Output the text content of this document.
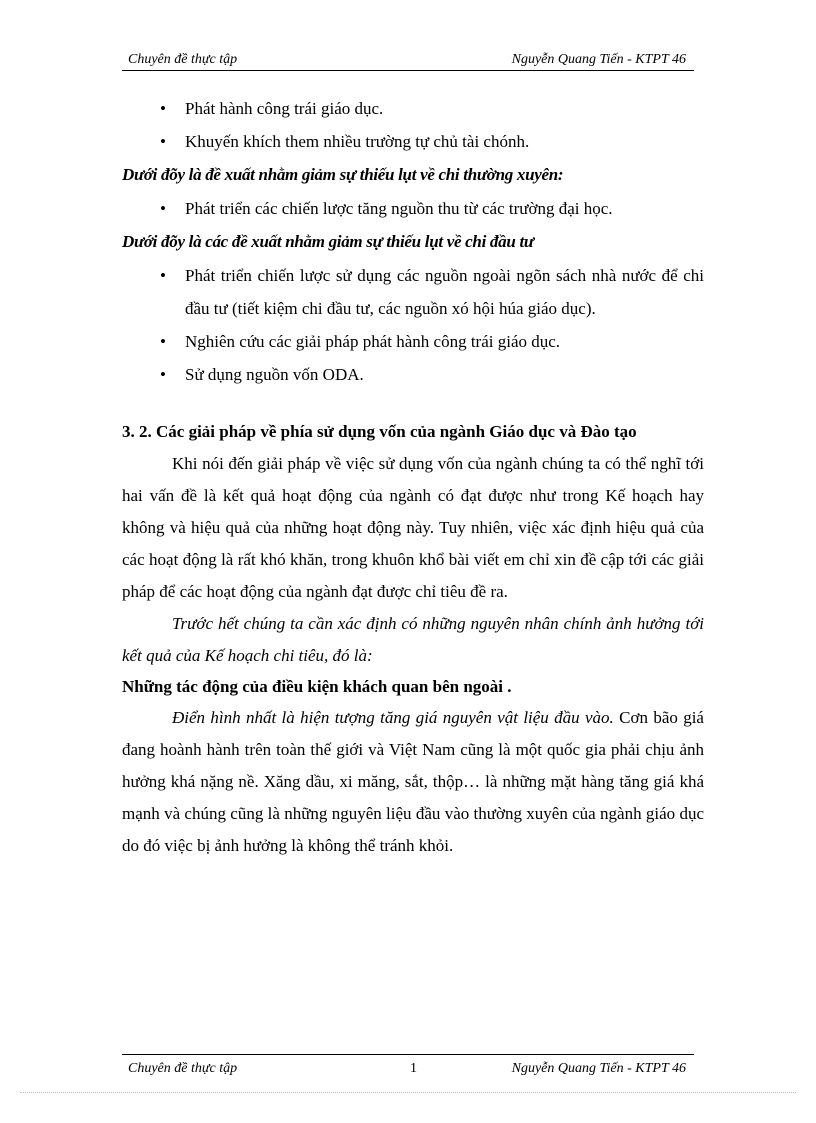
Chuyên đề thực tập	Nguyễn Quang Tiến - KTPT 46

• Phát hành công trái giáo dục.

• Khuyến khích them nhiều trường tự chủ tài chónh.

Dưới đõy là đề xuất nhằm giảm sự thiếu lụt về chi thường xuyên:

• Phát triển các chiến lược tăng nguồn thu từ các trường đại học.

Dưới đõy là các đề xuất nhằm giảm sự thiếu lụt về chi đầu tư

• Phát triển chiến lược sử dụng các nguồn ngoài ngõn sách nhà nước để chi đầu tư (tiết kiệm chi đầu tư, các nguồn xó hội húa giáo dục).

• Nghiên cứu các giải pháp phát hành công trái giáo dục.

• Sử dụng nguồn vốn ODA.

3. 2. Các giải pháp về phía sử dụng vốn của ngành Giáo dục và Đào tạo

Khi nói đến giải pháp về việc sử dụng vốn của ngành chúng ta có thể nghĩ tới hai vấn đề là kết quả hoạt động của ngành có đạt được như trong Kế hoạch hay không và hiệu quả của những hoạt động này. Tuy nhiên, việc xác định hiệu quả của các hoạt động là rất khó khăn, trong khuôn khổ bài viết em chỉ xin đề cập tới các giải pháp để các hoạt động của ngành đạt được chỉ tiêu đề ra.

Trước hết chúng ta cần xác định có những nguyên nhân chính ảnh hưởng tới kết quả của Kế hoạch chi tiêu, đó là:

Những tác động của điều kiện khách quan bên ngoài .

Điển hình nhất là hiện tượng tăng giá nguyên vật liệu đầu vào. Cơn bão giá đang hoành hành trên toàn thế giới và Việt Nam cũng là một quốc gia phải chịu ảnh hưởng khá nặng nề. Xăng dầu, xi măng, sắt, thộp… là những mặt hàng tăng giá khá mạnh và chúng cũng là những nguyên liệu đầu vào thường xuyên của ngành giáo dục do đó việc bị ảnh hưởng là không thể tránh khỏi.

Chuyên đề thực tập	1	Nguyễn Quang Tiến - KTPT 46
